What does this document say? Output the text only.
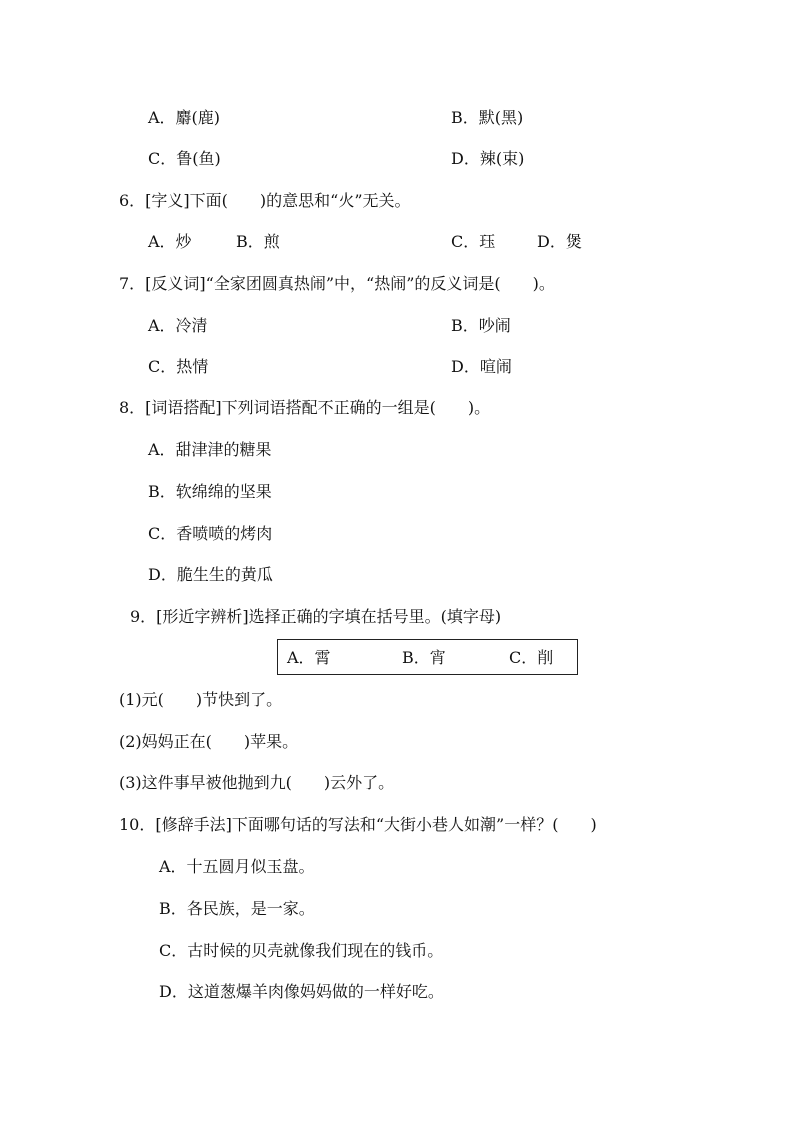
A．麝(鹿)	B．默(黑)
C．鲁(鱼)	D．辣(束)
6．[字义]下面(　　)的意思和“火”无关。
A．炒	B．煎	C．珏	D．煲
7．[反义词]“全家团圆真热闹”中，“热闹”的反义词是(　　)。
A．冷清	B．吵闹
C．热情	D．喧闹
8．[词语搭配]下列词语搭配不正确的一组是(　　)。
A．甜津津的糖果
B．软绵绵的坚果
C．香喷喷的烤肉
D．脆生生的黄瓜
9．[形近字辨析]选择正确的字填在括号里。(填字母)
A．霄	B．宵	C．削
(1)元(　　)节快到了。
(2)妈妈正在(　　)苹果。
(3)这件事早被他抛到九(　　)云外了。
10．[修辞手法]下面哪句话的写法和“大街小巷人如潮”一样？(　　)
A．十五圆月似玉盘。
B．各民族，是一家。
C．古时候的贝壳就像我们现在的钱币。
D．这道葱爆羊肉像妈妈做的一样好吃。
